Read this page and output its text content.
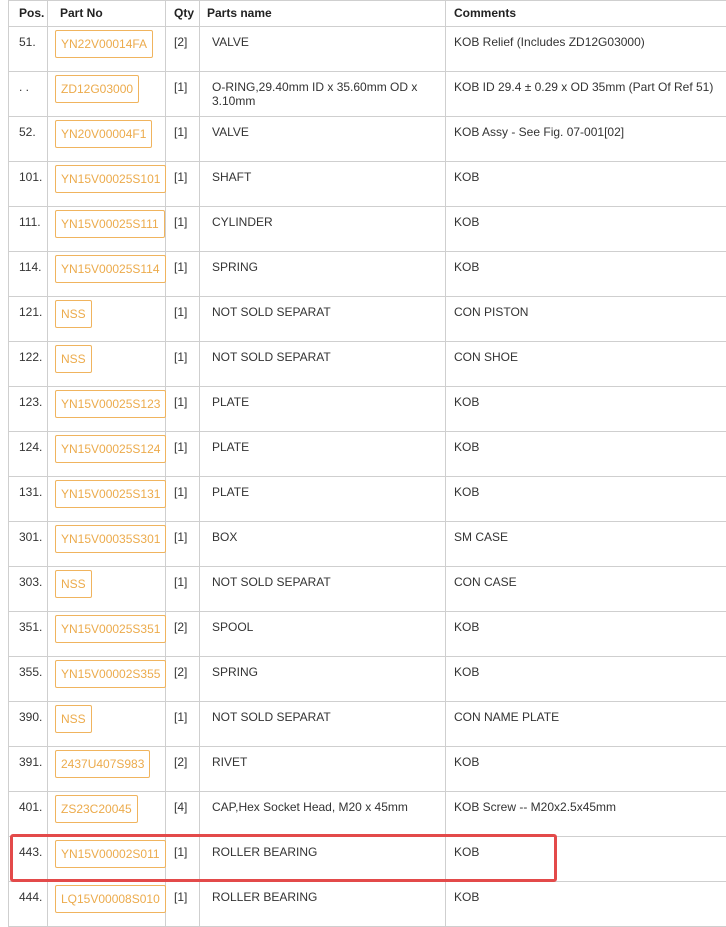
Pos.	Part No	Qty	Parts name	Comments
51.	YN22V00014FA	[2]	VALVE	KOB Relief (Includes ZD12G03000)
. .	ZD12G03000	[1]	O-RING,29.40mm ID x 35.60mm OD x 3.10mm	KOB ID 29.4 ± 0.29 x OD 35mm (Part Of Ref 51)
52.	YN20V00004F1	[1]	VALVE	KOB Assy - See Fig. 07-001[02]
101.	YN15V00025S101	[1]	SHAFT	KOB
111.	YN15V00025S111	[1]	CYLINDER	KOB
114.	YN15V00025S114	[1]	SPRING	KOB
121.	NSS	[1]	NOT SOLD SEPARAT	CON PISTON
122.	NSS	[1]	NOT SOLD SEPARAT	CON SHOE
123.	YN15V00025S123	[1]	PLATE	KOB
124.	YN15V00025S124	[1]	PLATE	KOB
131.	YN15V00025S131	[1]	PLATE	KOB
301.	YN15V00035S301	[1]	BOX	SM CASE
303.	NSS	[1]	NOT SOLD SEPARAT	CON CASE
351.	YN15V00025S351	[2]	SPOOL	KOB
355.	YN15V00002S355	[2]	SPRING	KOB
390.	NSS	[1]	NOT SOLD SEPARAT	CON NAME PLATE
391.	2437U407S983	[2]	RIVET	KOB
401.	ZS23C20045	[4]	CAP,Hex Socket Head, M20 x 45mm	KOB Screw -- M20x2.5x45mm
443.	YN15V00002S011	[1]	ROLLER BEARING	KOB
444.	LQ15V00008S010	[1]	ROLLER BEARING	KOB
